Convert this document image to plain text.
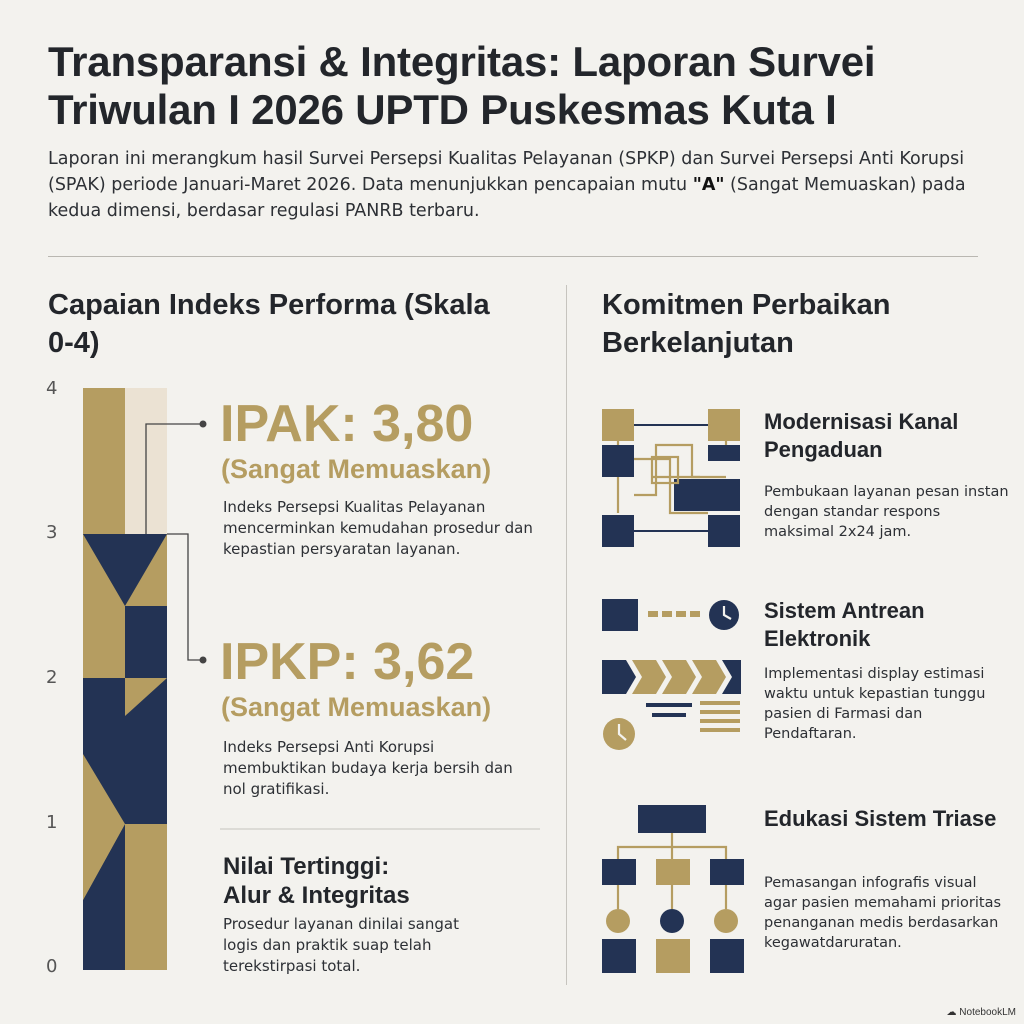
Transparansi & Integritas: Laporan Survei Triwulan I 2026 UPTD Puskesmas Kuta I

Laporan ini merangkum hasil Survei Persepsi Kualitas Pelayanan (SPKP) dan Survei Persepsi Anti Korupsi (SPAK) periode Januari-Maret 2026. Data menunjukkan pencapaian mutu "A" (Sangat Memuaskan) pada kedua dimensi, berdasar regulasi PANRB terbaru.

Capaian Indeks Performa (Skala 0-4)
4
3
2
1
0
IPAK: 3,80
(Sangat Memuaskan)

Indeks Persepsi Kualitas Pelayanan mencerminkan kemudahan prosedur dan kepastian persyaratan layanan.

IPKP: 3,62
(Sangat Memuaskan)

Indeks Persepsi Anti Korupsi membuktikan budaya kerja bersih dan nol gratifikasi.

Nilai Tertinggi:
Alur & Integritas

Prosedur layanan dinilai sangat logis dan praktik suap telah terekstirpasi total.

Komitmen Perbaikan Berkelanjutan
Modernisasi Kanal Pengaduan

Pembukaan layanan pesan instan dengan standar respons maksimal 2x24 jam.

Sistem Antrean Elektronik

Implementasi display estimasi waktu untuk kepastian tunggu pasien di Farmasi dan Pendaftaran.

Edukasi Sistem Triase

Pemasangan infografis visual agar pasien memahami prioritas penanganan medis berdasarkan kegawatdaruratan.

☁ NotebookLM
